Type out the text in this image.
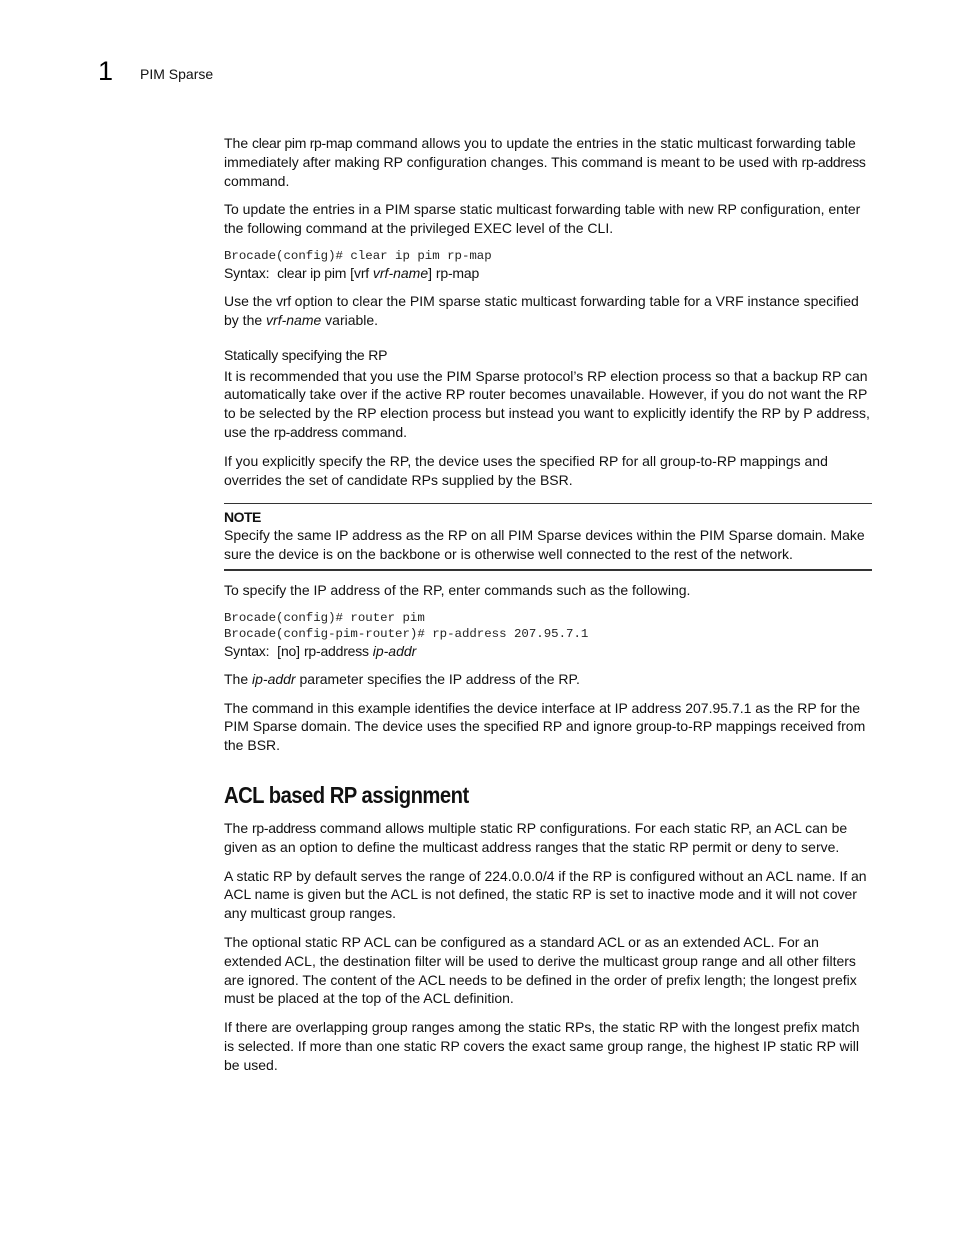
1 PIM Sparse

The clear pim rp-map command allows you to update the entries in the static multicast forwarding table immediately after making RP configuration changes. This command is meant to be used with rp-address command.

To update the entries in a PIM sparse static multicast forwarding table with new RP configuration, enter the following command at the privileged EXEC level of the CLI.

Brocade(config)# clear ip pim rp-map

Syntax: clear ip pim [vrf vrf-name] rp-map

Use the vrf option to clear the PIM sparse static multicast forwarding table for a VRF instance specified by the vrf-name variable.

Statically specifying the RP

It is recommended that you use the PIM Sparse protocol’s RP election process so that a backup RP can automatically take over if the active RP router becomes unavailable. However, if you do not want the RP to be selected by the RP election process but instead you want to explicitly identify the RP by P address, use the rp-address command.

If you explicitly specify the RP, the device uses the specified RP for all group-to-RP mappings and overrides the set of candidate RPs supplied by the BSR.

NOTE

Specify the same IP address as the RP on all PIM Sparse devices within the PIM Sparse domain. Make sure the device is on the backbone or is otherwise well connected to the rest of the network.

To specify the IP address of the RP, enter commands such as the following.

Brocade(config)# router pim
Brocade(config-pim-router)# rp-address 207.95.7.1

Syntax: [no] rp-address ip-addr

The ip-addr parameter specifies the IP address of the RP.

The command in this example identifies the device interface at IP address 207.95.7.1 as the RP for the PIM Sparse domain. The device uses the specified RP and ignore group-to-RP mappings received from the BSR.

ACL based RP assignment

The rp-address command allows multiple static RP configurations. For each static RP, an ACL can be given as an option to define the multicast address ranges that the static RP permit or deny to serve.

A static RP by default serves the range of 224.0.0.0/4 if the RP is configured without an ACL name. If an ACL name is given but the ACL is not defined, the static RP is set to inactive mode and it will not cover any multicast group ranges.

The optional static RP ACL can be configured as a standard ACL or as an extended ACL. For an extended ACL, the destination filter will be used to derive the multicast group range and all other filters are ignored. The content of the ACL needs to be defined in the order of prefix length; the longest prefix must be placed at the top of the ACL definition.

If there are overlapping group ranges among the static RPs, the static RP with the longest prefix match is selected. If more than one static RP covers the exact same group range, the highest IP static RP will be used.
